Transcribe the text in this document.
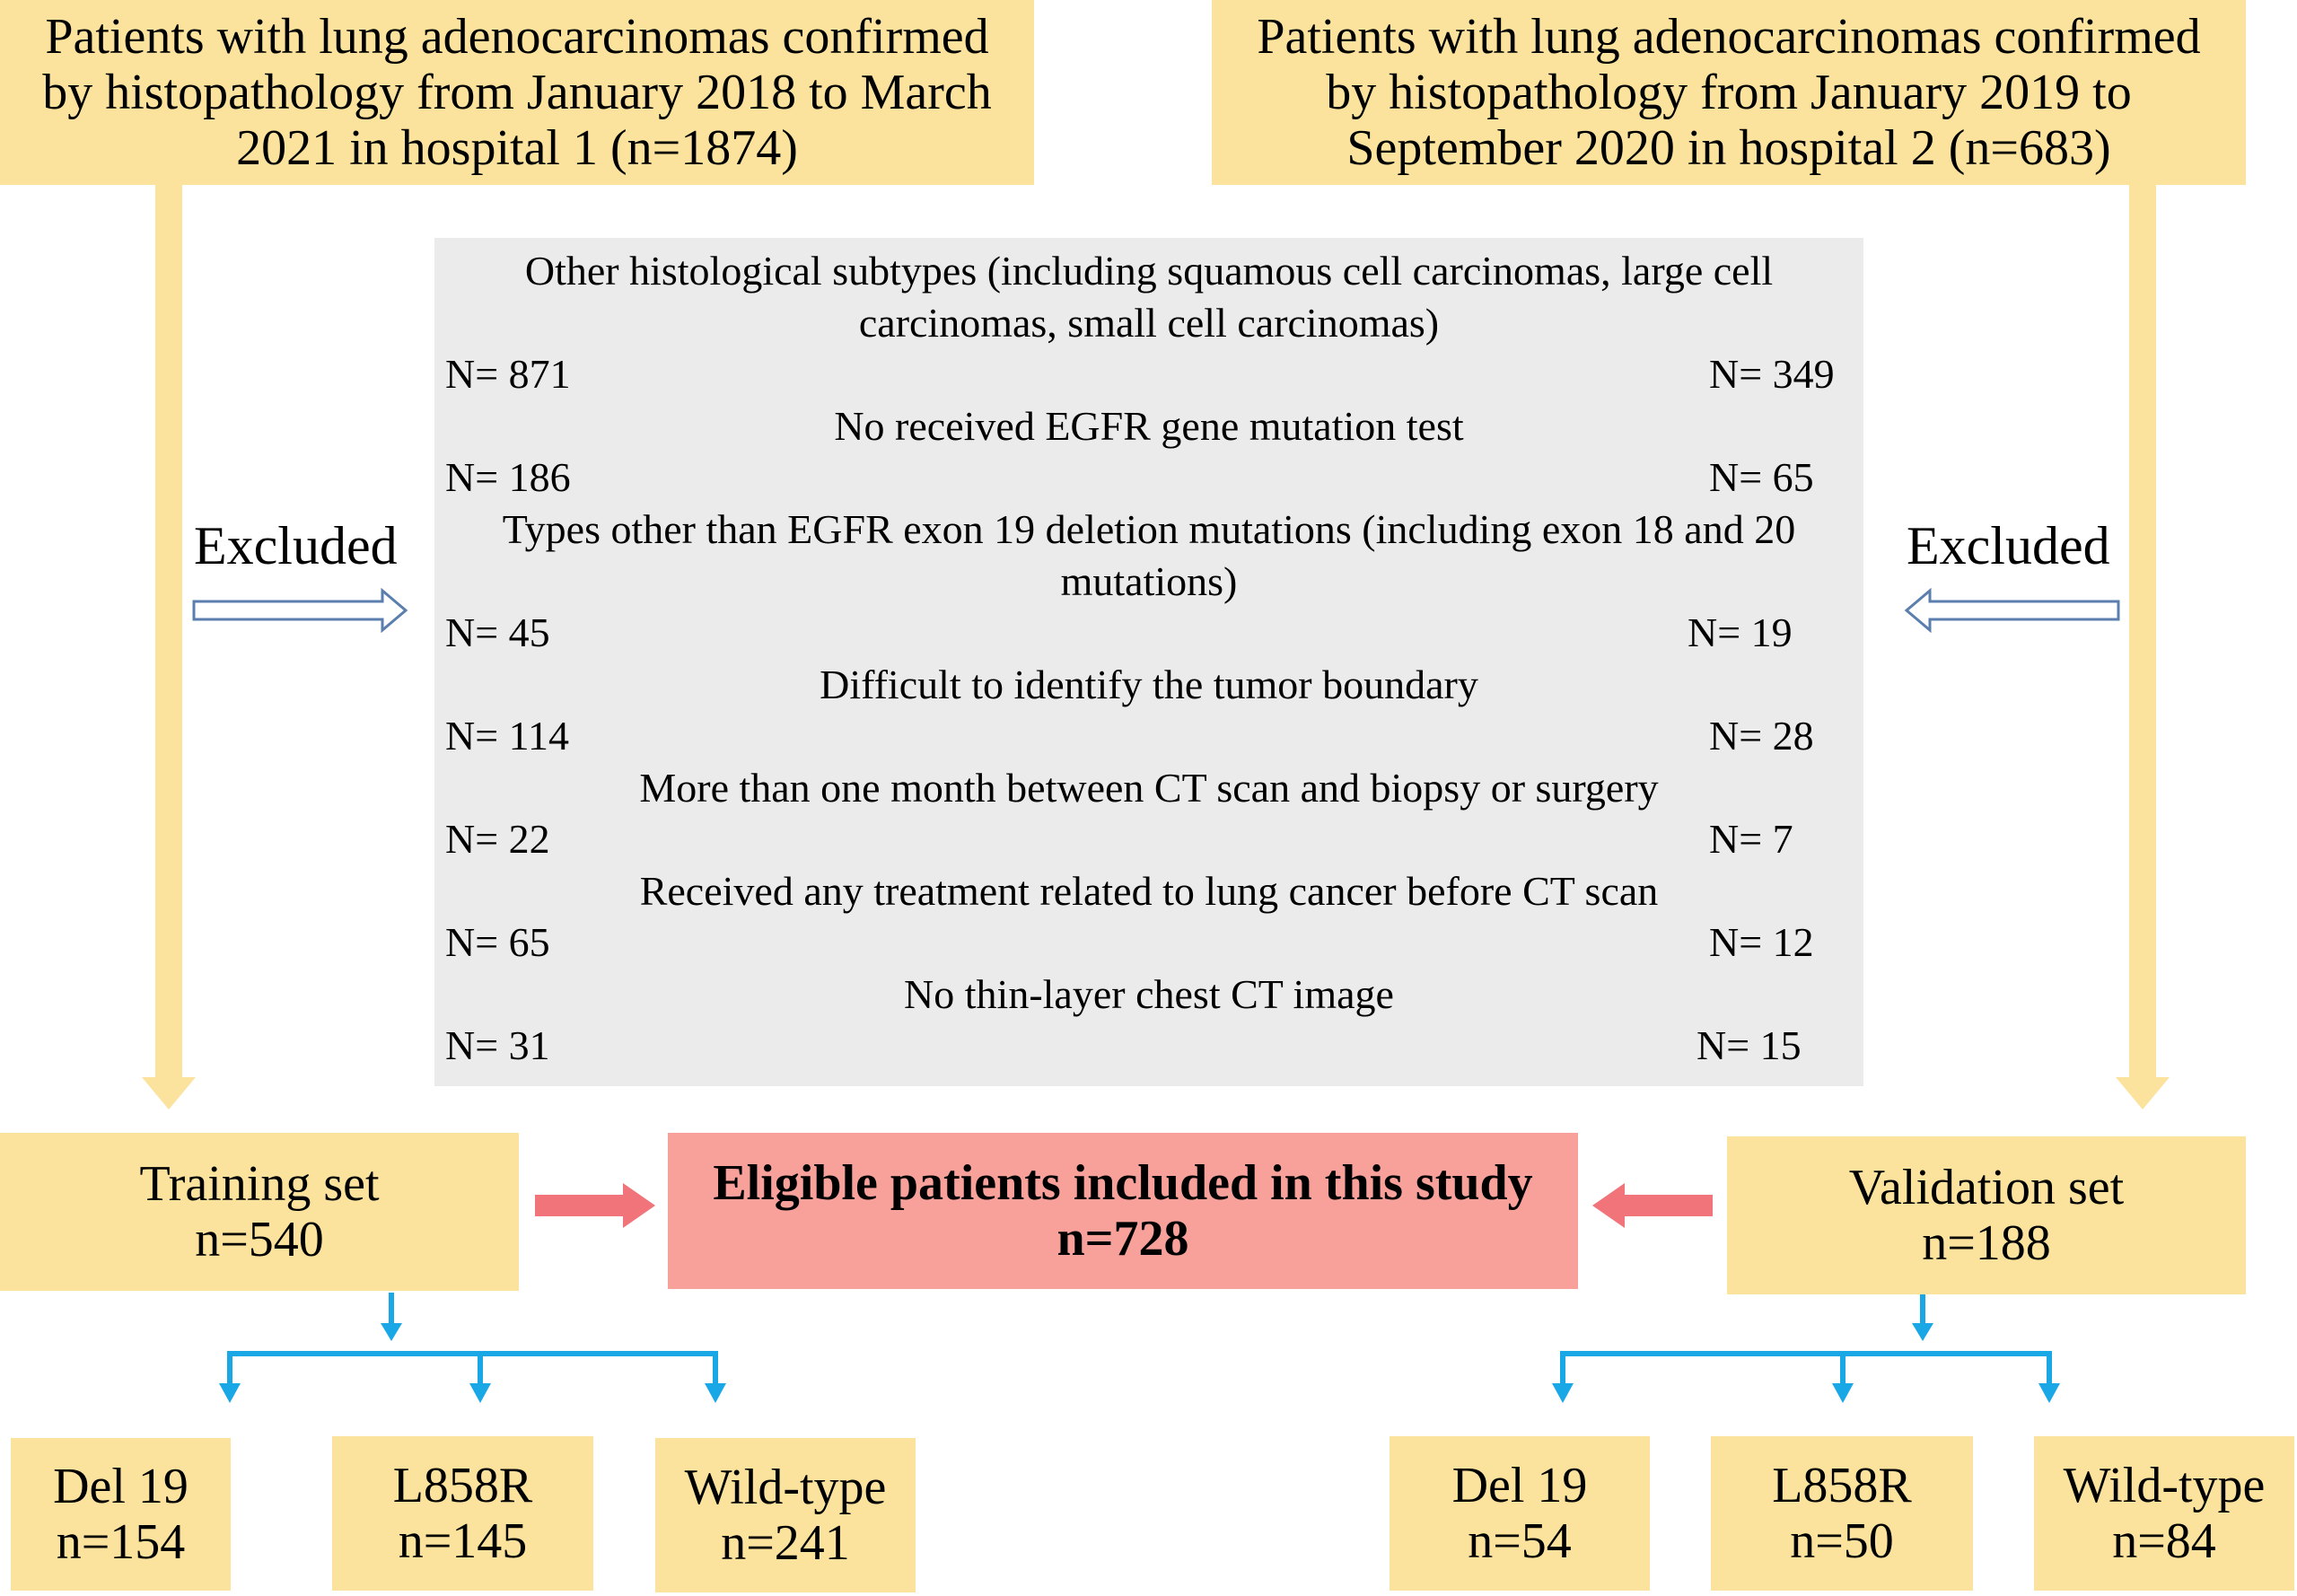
Patients with lung adenocarcinomas confirmed
by histopathology from January 2018 to March
2021 in hospital 1 (n=1874)
Patients with lung adenocarcinomas confirmed
by histopathology from January 2019 to
September 2020 in hospital 2 (n=683)
Excluded	Excluded
Other histological subtypes (including squamous cell carcinomas, large cell
carcinomas, small cell carcinomas)
N= 871	N= 349
No received EGFR gene mutation test
N= 186	N= 65
Types other than EGFR exon 19 deletion mutations (including exon 18 and 20
mutations)
N= 45	N= 19
Difficult to identify the tumor boundary
N= 114	N= 28
More than one month between CT scan and biopsy or surgery
N= 22	N= 7
Received any treatment related to lung cancer before CT scan
N= 65	N= 12
No thin-layer chest CT image
N= 31	N= 15
Training set
n=540
Eligible patients included in this study
n=728
Validation set
n=188
Del 19
n=154
L858R
n=145
Wild-type
n=241
Del 19
n=54
L858R
n=50
Wild-type
n=84
